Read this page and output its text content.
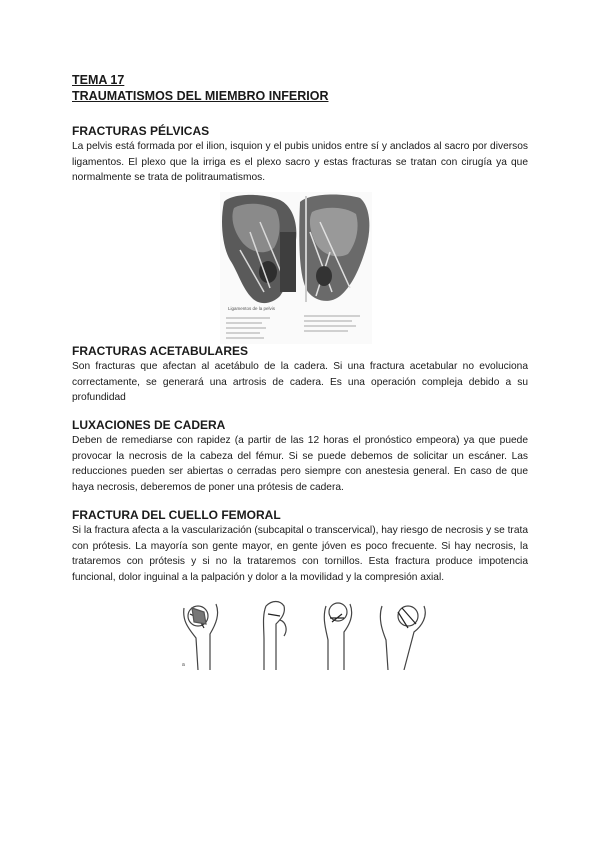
TEMA 17
TRAUMATISMOS DEL MIEMBRO INFERIOR
FRACTURAS PÉLVICAS

La pelvis está formada por el ilion, isquion y el pubis unidos entre sí y anclados al sacro por diversos ligamentos. El plexo que la irriga es el plexo sacro y estas fracturas se tratan con cirugía ya que normalmente se trata de politraumatismos.

Ligamentos de la pelvis
FRACTURAS ACETABULARES

Son fracturas que afectan al acetábulo de la cadera. Si una fractura acetabular no evoluciona correctamente, se generará una artrosis de cadera. Es una operación compleja debido a su profundidad

LUXACIONES DE CADERA

Deben de remediarse con rapidez (a partir de las 12 horas el pronóstico empeora) ya que puede provocar la necrosis de la cabeza del fémur. Si se puede debemos de solicitar un escáner. Las reducciones pueden ser abiertas o cerradas pero siempre con anestesia general. En caso de que haya necrosis, deberemos de poner una prótesis de cadera.

FRACTURA DEL CUELLO FEMORAL

Si la fractura afecta a la vascularización (subcapital o transcervical), hay riesgo de necrosis y se trata con prótesis. La mayoría son gente mayor, en gente jóven es poco frecuente. Si hay necrosis, la trataremos con prótesis y si no la trataremos con tornillos. Esta fractura produce impotencia funcional, dolor inguinal a la palpación y dolor a la movilidad y la compresión axial.

a
